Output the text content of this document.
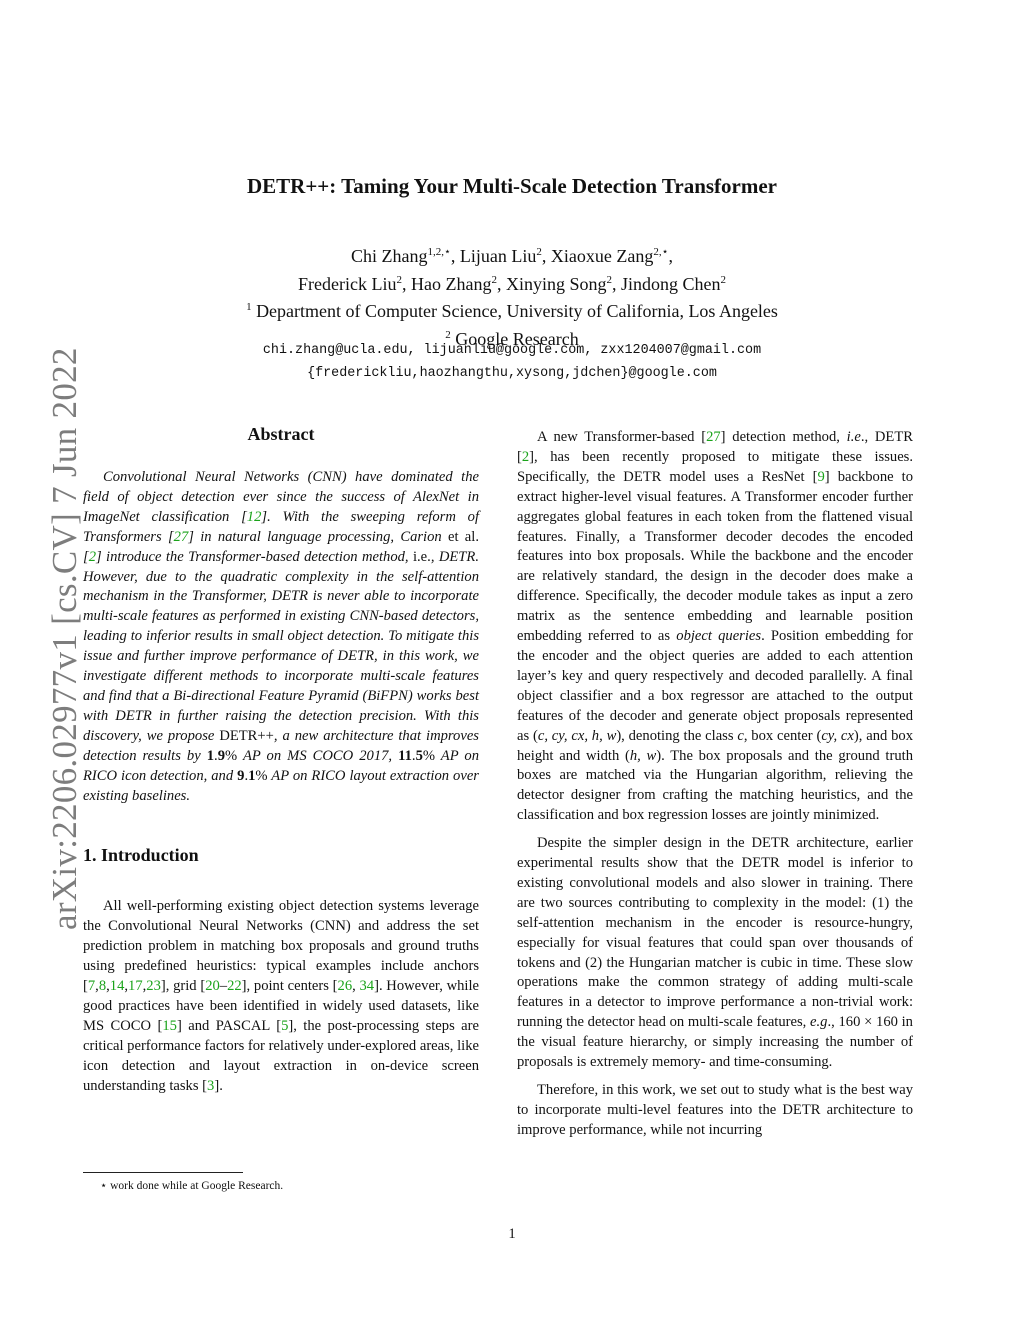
arXiv:2206.02977v1 [cs.CV] 7 Jun 2022
DETR++: Taming Your Multi-Scale Detection Transformer
Chi Zhang$^{1,2,⋆}$, Lijuan Liu$^2$, Xiaoxue Zang$^{2,⋆}$,
Frederick Liu$^2$, Hao Zhang$^2$, Xinying Song$^2$, Jindong Chen$^2$
$^1$ Department of Computer Science, University of California, Los Angeles
$^2$ Google Research
chi.zhang@ucla.edu, lijuanliu@google.com, zxx1204007@gmail.com
{frederickliu,haozhangthu,xysong,jdchen}@google.com
Abstract

Convolutional Neural Networks (CNN) have dominated the field of object detection ever since the success of AlexNet in ImageNet classification [12]. With the sweeping reform of Transformers [27] in natural language processing, Carion et al. [2] introduce the Transformer-based detection method, i.e., DETR. However, due to the quadratic complexity in the self-attention mechanism in the Transformer, DETR is never able to incorporate multi-scale features as performed in existing CNN-based detectors, leading to inferior results in small object detection. To mitigate this issue and further improve performance of DETR, in this work, we investigate different methods to incorporate multi-scale features and find that a Bi-directional Feature Pyramid (BiFPN) works best with DETR in further raising the detection precision. With this discovery, we propose DETR++, a new architecture that improves detection results by 1.9% AP on MS COCO 2017, 11.5% AP on RICO icon detection, and 9.1% AP on RICO layout extraction over existing baselines.

1. Introduction

All well-performing existing object detection systems leverage the Convolutional Neural Networks (CNN) and address the set prediction problem in matching box proposals and ground truths using predefined heuristics: typical examples include anchors [7,8,14,17,23], grid [20–22], point centers [26, 34]. However, while good practices have been identified in widely used datasets, like MS COCO [15] and PASCAL [5], the post-processing steps are critical performance factors for relatively under-explored areas, like icon detection and layout extraction in on-device screen understanding tasks [3].

⋆ work done while at Google Research.

A new Transformer-based [27] detection method, i.e., DETR [2], has been recently proposed to mitigate these issues. Specifically, the DETR model uses a ResNet [9] backbone to extract higher-level visual features. A Transformer encoder further aggregates global features in each token from the flattened visual features. Finally, a Transformer decoder decodes the encoded features into box proposals. While the backbone and the encoder are relatively standard, the design in the decoder does make a difference. Specifically, the decoder module takes as input a zero matrix as the sentence embedding and learnable position embedding referred to as object queries. Position embedding for the encoder and the object queries are added to each attention layer’s key and query respectively and decoded parallelly. A final object classifier and a box regressor are attached to the output features of the decoder and generate object proposals represented as (c, cy, cx, h, w), denoting the class c, box center (cy, cx), and box height and width (h, w). The box proposals and the ground truth boxes are matched via the Hungarian algorithm, relieving the detector designer from crafting the matching heuristics, and the classification and box regression losses are jointly minimized.

Despite the simpler design in the DETR architecture, earlier experimental results show that the DETR model is inferior to existing convolutional models and also slower in training. There are two sources contributing to complexity in the model: (1) the self-attention mechanism in the encoder is resource-hungry, especially for visual features that could span over thousands of tokens and (2) the Hungarian matcher is cubic in time. These slow operations make the common strategy of adding multi-scale features in a detector to improve performance a non-trivial work: running the detector head on multi-scale features, e.g., 160 × 160 in the visual feature hierarchy, or simply increasing the number of proposals is extremely memory- and time-consuming.

Therefore, in this work, we set out to study what is the best way to incorporate multi-level features into the DETR architecture to improve performance, while not incurring

1
